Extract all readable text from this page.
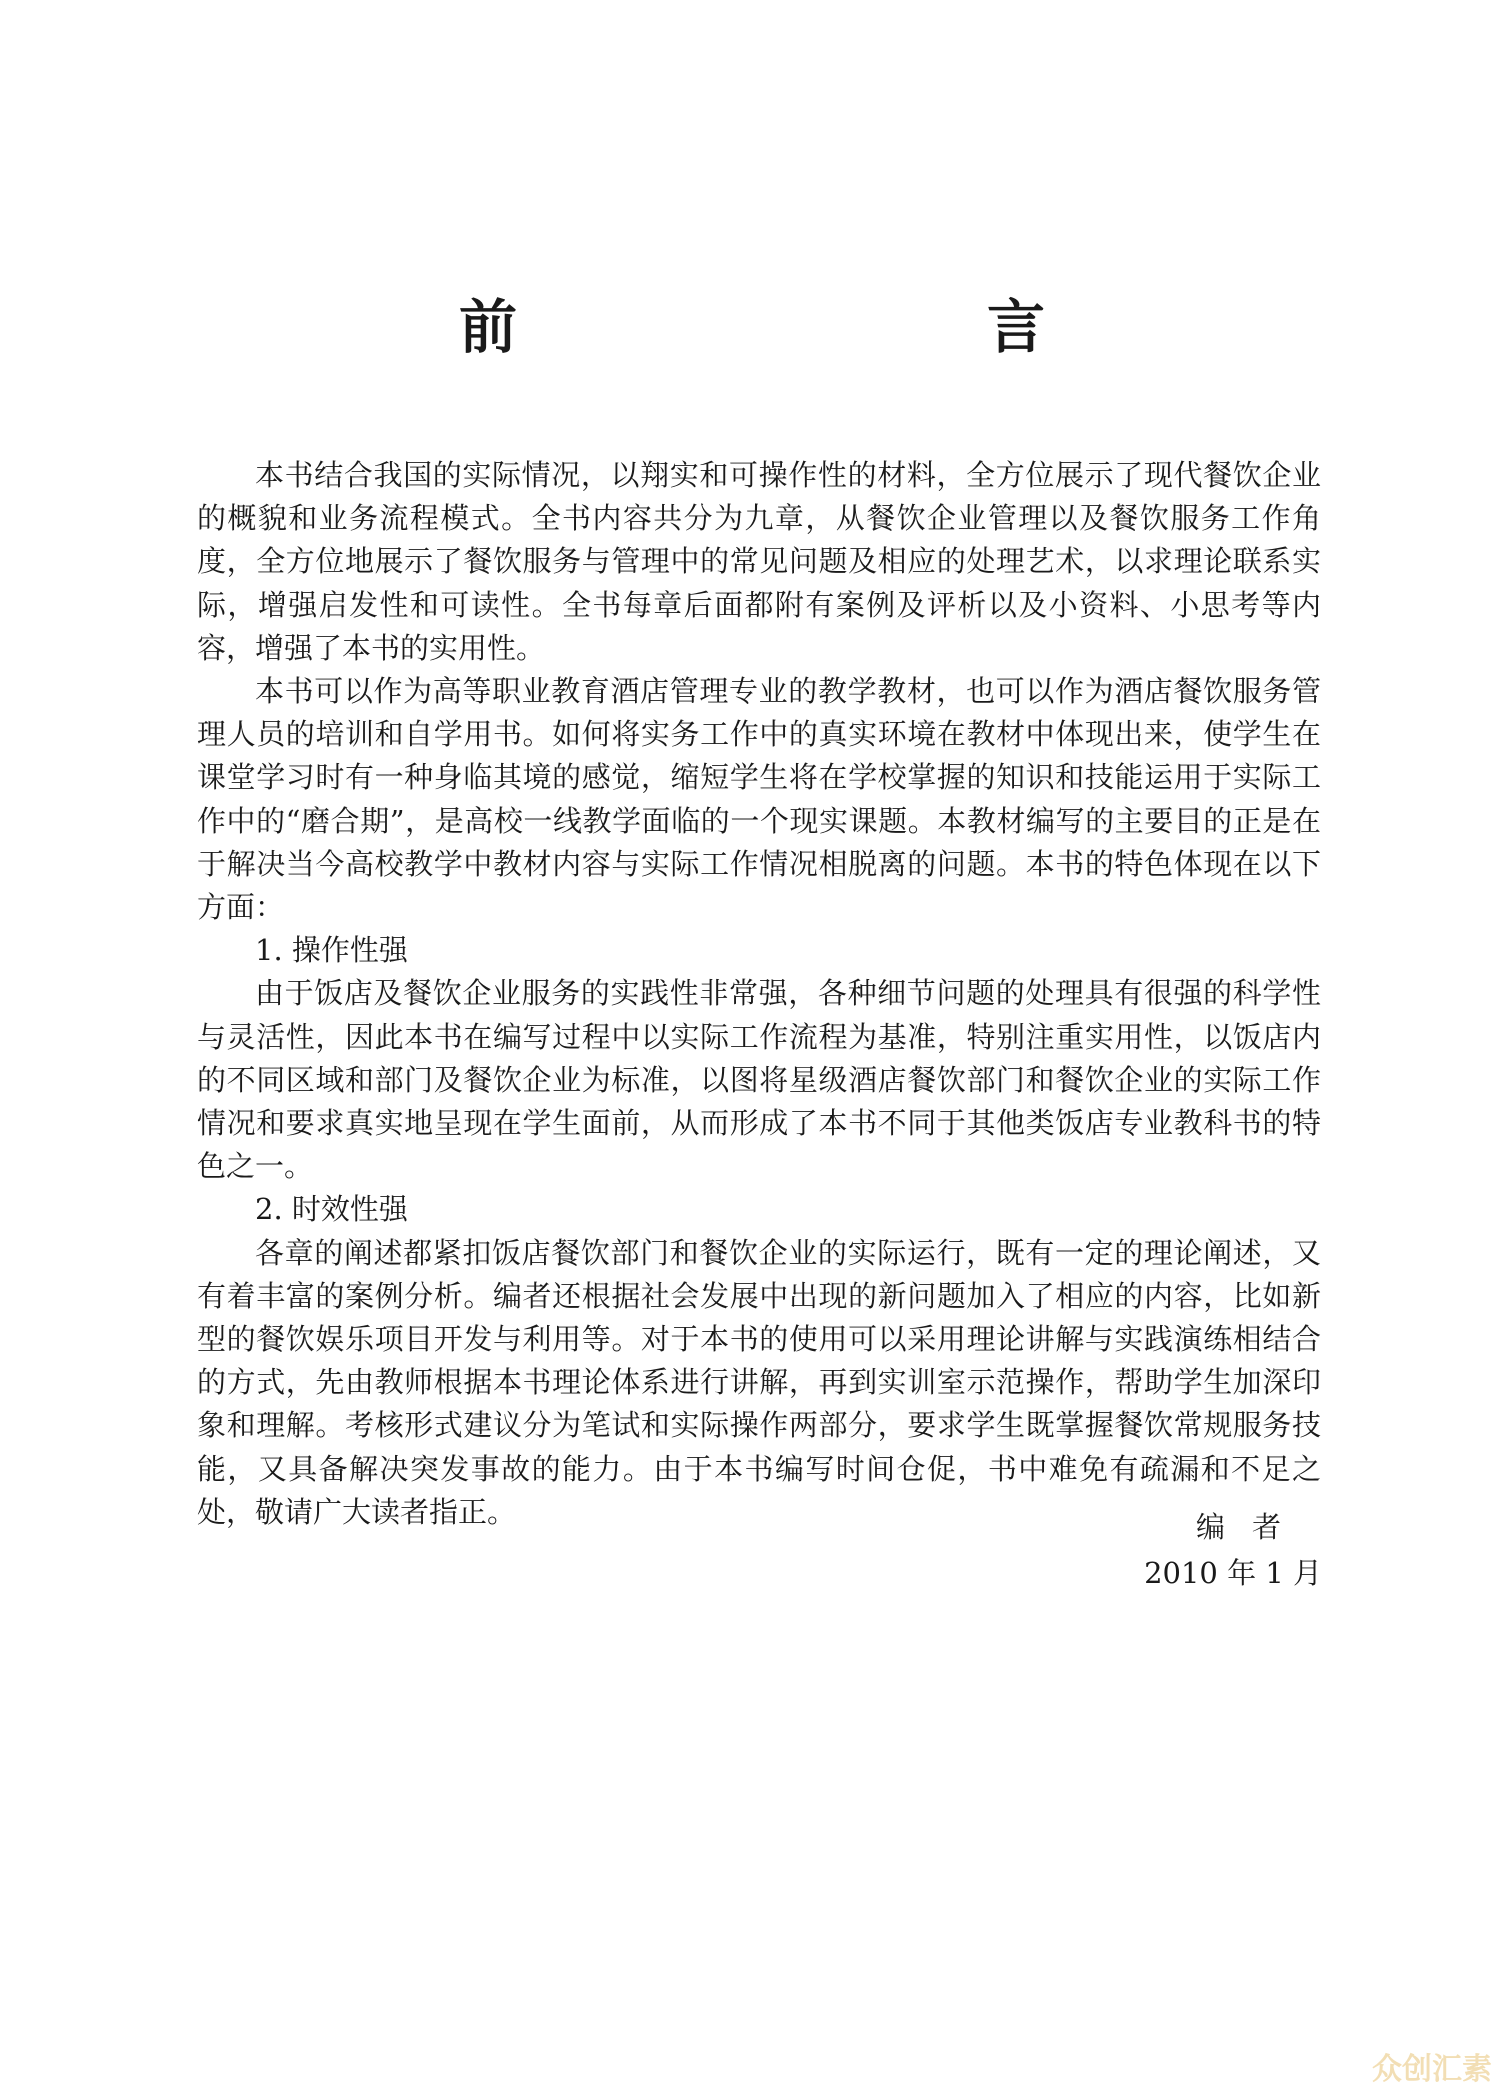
前　　言

本书结合我国的实际情况，以翔实和可操作性的材料，全方位展示了现代餐饮企业的概貌和业务流程模式。全书内容共分为九章，从餐饮企业管理以及餐饮服务工作角度，全方位地展示了餐饮服务与管理中的常见问题及相应的处理艺术，以求理论联系实际，增强启发性和可读性。全书每章后面都附有案例及评析以及小资料、小思考等内容，增强了本书的实用性。

本书可以作为高等职业教育酒店管理专业的教学教材，也可以作为酒店餐饮服务管理人员的培训和自学用书。如何将实务工作中的真实环境在教材中体现出来，使学生在课堂学习时有一种身临其境的感觉，缩短学生将在学校掌握的知识和技能运用于实际工作中的“磨合期”，是高校一线教学面临的一个现实课题。本教材编写的主要目的正是在于解决当今高校教学中教材内容与实际工作情况相脱离的问题。本书的特色体现在以下方面：

1. 操作性强

由于饭店及餐饮企业服务的实践性非常强，各种细节问题的处理具有很强的科学性与灵活性，因此本书在编写过程中以实际工作流程为基准，特别注重实用性，以饭店内的不同区域和部门及餐饮企业为标准，以图将星级酒店餐饮部门和餐饮企业的实际工作情况和要求真实地呈现在学生面前，从而形成了本书不同于其他类饭店专业教科书的特色之一。

2. 时效性强

各章的阐述都紧扣饭店餐饮部门和餐饮企业的实际运行，既有一定的理论阐述，又有着丰富的案例分析。编者还根据社会发展中出现的新问题加入了相应的内容，比如新型的餐饮娱乐项目开发与利用等。对于本书的使用可以采用理论讲解与实践演练相结合的方式，先由教师根据本书理论体系进行讲解，再到实训室示范操作，帮助学生加深印象和理解。考核形式建议分为笔试和实际操作两部分，要求学生既掌握餐饮常规服务技能，又具备解决突发事故的能力。由于本书编写时间仓促，书中难免有疏漏和不足之处，敬请广大读者指正。	编者
2010 年 1 月
众创汇素
